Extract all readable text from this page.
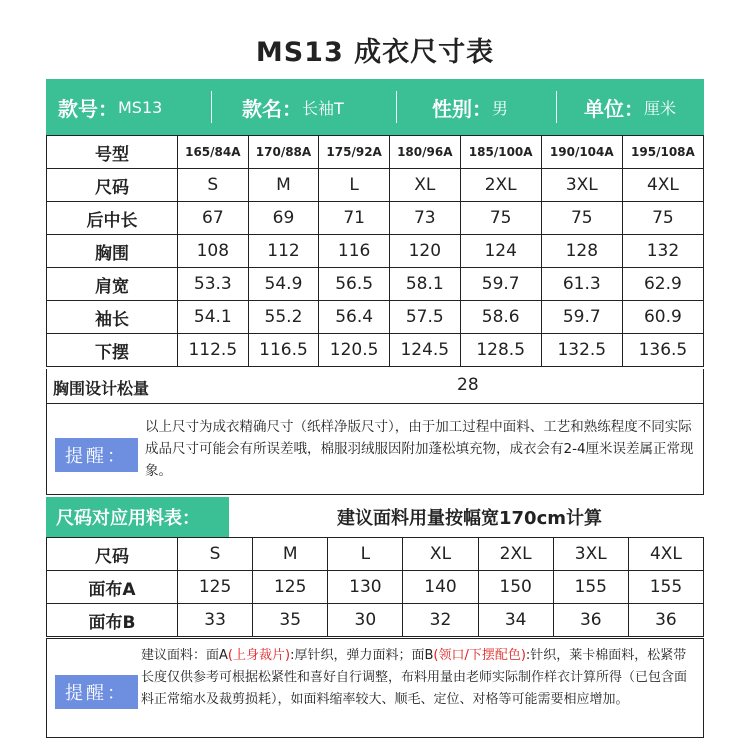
MS13 成衣尺寸表
款号： MS13	款名： 长袖T	性别： 男	单位： 厘米
号型	165/84A	170/88A	175/92A	180/96A	185/100A	190/104A	195/108A
尺码	S	M	L	XL	2XL	3XL	4XL
后中长	67	69	71	73	75	75	75
胸围	108	112	116	120	124	128	132
肩宽	53.3	54.9	56.5	58.1	59.7	61.3	62.9
袖长	54.1	55.2	56.4	57.5	58.6	59.7	60.9
下摆	112.5	116.5	120.5	124.5	128.5	132.5	136.5
胸围设计松量	28
提醒：
以上尺寸为成衣精确尺寸（纸样净版尺寸），由于加工过程中面料、工艺和熟练程度不同实际成品尺寸可能会有所误差哦，棉服羽绒服因附加蓬松填充物，成衣会有2-4厘米误差属正常现象。
尺码对应用料表：	建议面料用量按幅宽170cm计算
尺码	S	M	L	XL	2XL	3XL	4XL
面布A	125	125	130	140	150	155	155
面布B	33	35	30	32	34	36	36
提醒：
建议面料：面A(上身裁片):厚针织，弹力面料；面B(领口/下摆配色):针织，莱卡棉面料，松紧带长度仅供参考可根据松紧性和喜好自行调整，布料用量由老师实际制作样衣计算所得（已包含面料正常缩水及裁剪损耗），如面料缩率较大、顺毛、定位、对格等可能需要相应增加。
